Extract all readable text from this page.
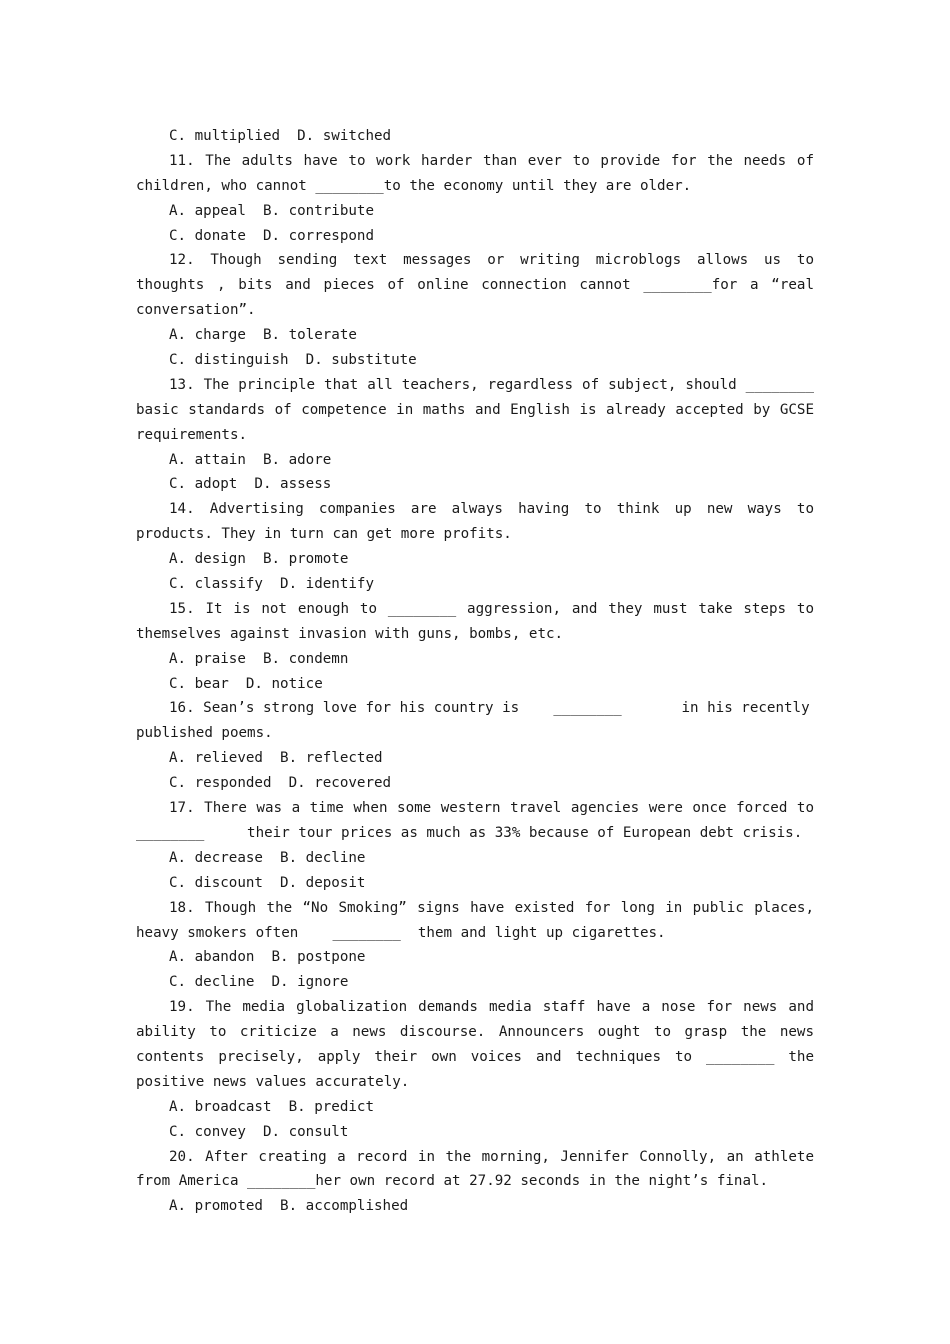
C. multiplied  D. switched
11. The adults have to work harder than ever to provide for the needs of
children, who cannot ________to the economy until they are older.
A. appeal  B. contribute
C. donate  D. correspond
12. Though sending text messages or writing microblogs allows us to
thoughts , bits and pieces of online connection cannot ________for a “real
conversation”.
A. charge  B. tolerate
C. distinguish  D. substitute
13. The principle that all teachers, regardless of subject, should ________
basic standards of competence in maths and English is already accepted by GCSE
requirements.
A. attain  B. adore
C. adopt  D. assess
14. Advertising companies are always having to think up new ways to
products. They in turn can get more profits.
A. design  B. promote
C. classify  D. identify
15. It is not enough to ________ aggression, and they must take steps to
themselves against invasion with guns, bombs, etc.
A. praise  B. condemn
C. bear  D. notice
16. Sean’s strong love for his country is    ________       in his recently
published poems.
A. relieved  B. reflected
C. responded  D. recovered
17. There was a time when some western travel agencies were once forced to
________     their tour prices as much as 33% because of European debt crisis.
A. decrease  B. decline
C. discount  D. deposit
18. Though the “No Smoking” signs have existed for long in public places,
heavy smokers often    ________  them and light up cigarettes.
A. abandon  B. postpone
C. decline  D. ignore
19. The media globalization demands media staff have a nose for news and
ability to criticize a news discourse. Announcers ought to grasp the news
contents precisely, apply their own voices and techniques to ________ the
positive news values accurately.
A. broadcast  B. predict
C. convey  D. consult
20. After creating a record in the morning, Jennifer Connolly, an athlete
from America ________her own record at 27.92 seconds in the night’s final.
A. promoted  B. accomplished
